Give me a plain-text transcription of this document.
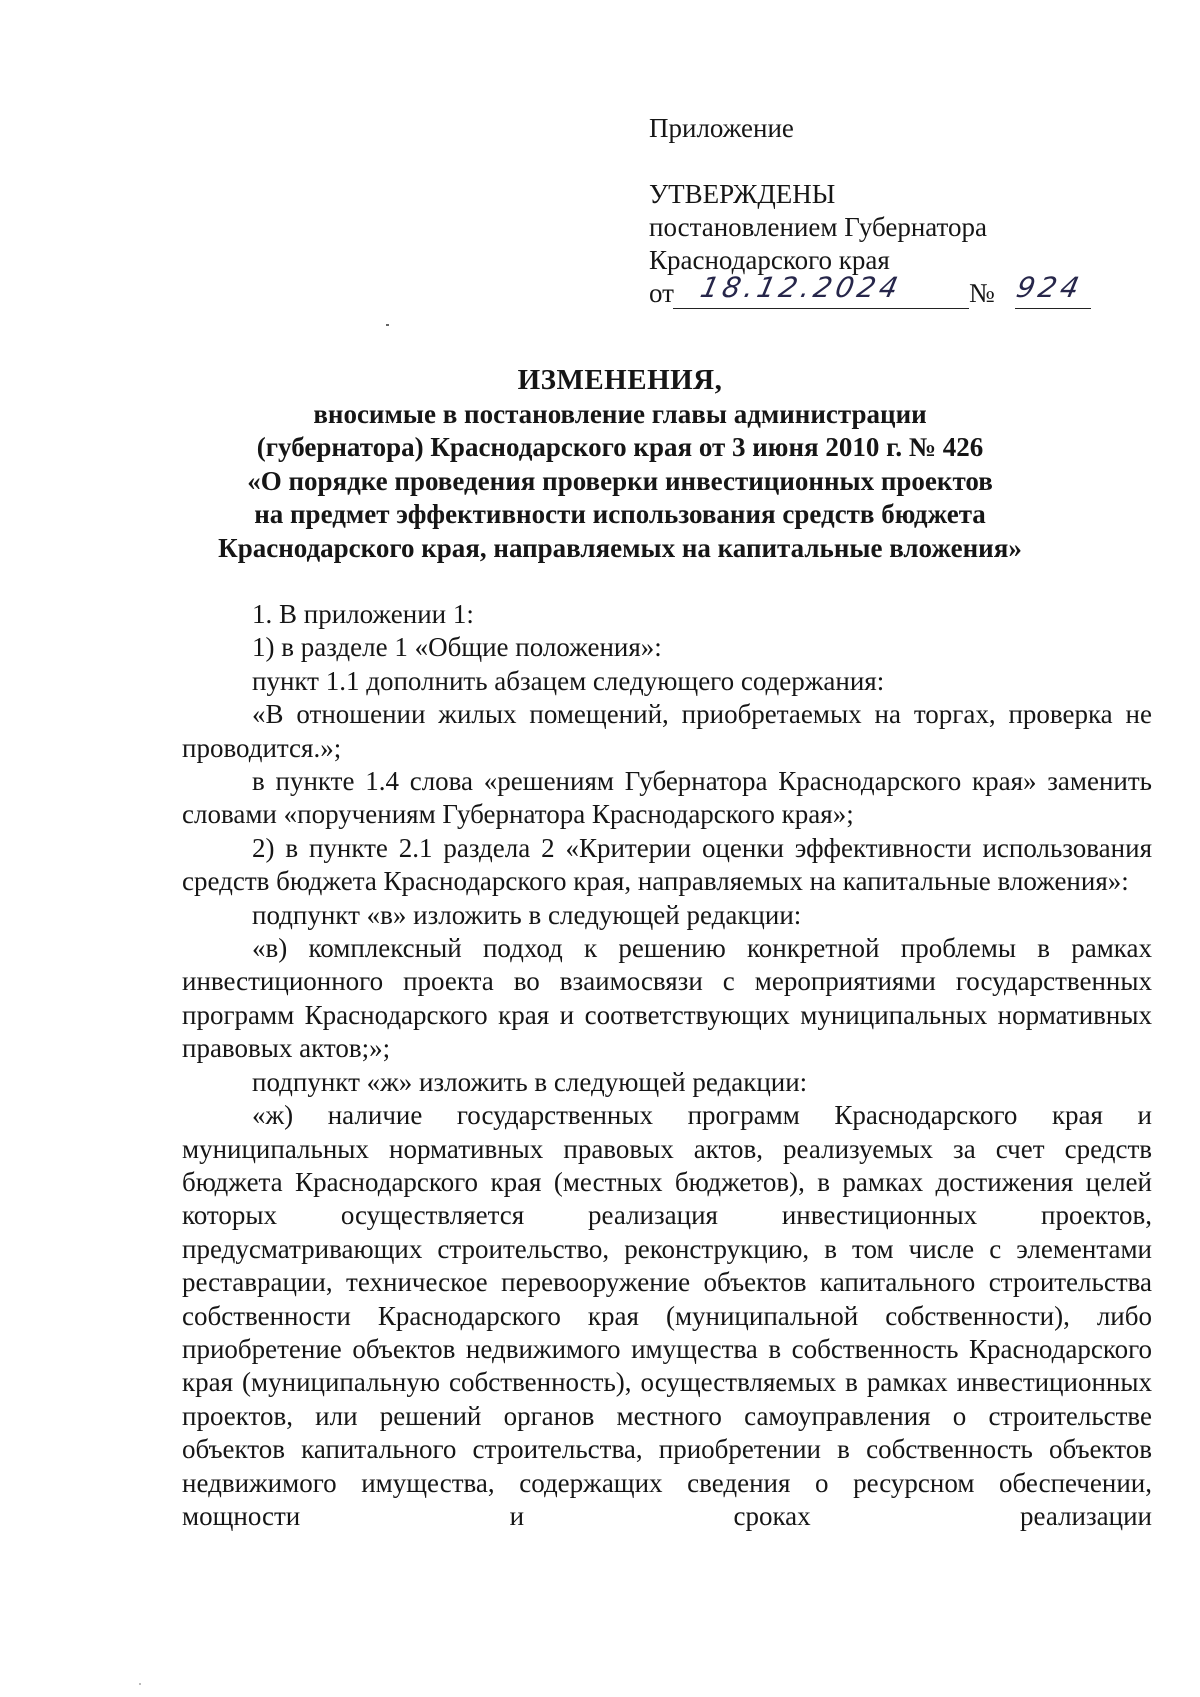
Приложение

УТВЕРЖДЕНЫ

постановлением Губернатора

Краснодарского края

от 18.12.2024 № 924
ИЗМЕНЕНИЯ,
вносимые в постановление главы администрации
(губернатора) Краснодарского края от 3 июня 2010 г. № 426
«О порядке проведения проверки инвестиционных проектов
на предмет эффективности использования средств бюджета
Краснодарского края, направляемых на капитальные вложения»

1. В приложении 1:

1) в разделе 1 «Общие положения»:

пункт 1.1 дополнить абзацем следующего содержания:

«В отношении жилых помещений, приобретаемых на торгах, проверка не проводится.»;

в пункте 1.4 слова «решениям Губернатора Краснодарского края» заменить словами «поручениям Губернатора Краснодарского края»;

2) в пункте 2.1 раздела 2 «Критерии оценки эффективности использования средств бюджета Краснодарского края, направляемых на капитальные вложения»:

подпункт «в» изложить в следующей редакции:

«в) комплексный подход к решению конкретной проблемы в рамках инвестиционного проекта во взаимосвязи с мероприятиями государственных программ Краснодарского края и соответствующих муниципальных нормативных правовых актов;»;

подпункт «ж» изложить в следующей редакции:

«ж) наличие государственных программ Краснодарского края и муниципальных нормативных правовых актов, реализуемых за счет средств бюджета Краснодарского края (местных бюджетов), в рамках достижения целей которых осуществляется реализация инвестиционных проектов, предусматривающих строительство, реконструкцию, в том числе с элементами реставрации, техническое перевооружение объектов капитального строительства собственности Краснодарского края (муниципальной собственности), либо приобретение объектов недвижимого имущества в собственность Краснодарского края (муниципальную собственность), осуществляемых в рамках инвестиционных проектов, или решений органов местного самоуправления о строительстве объектов капитального строительства, приобретении в собственность объектов недвижимого имущества, содержащих сведения о ресурсном обеспечении, мощности и сроках реализации
